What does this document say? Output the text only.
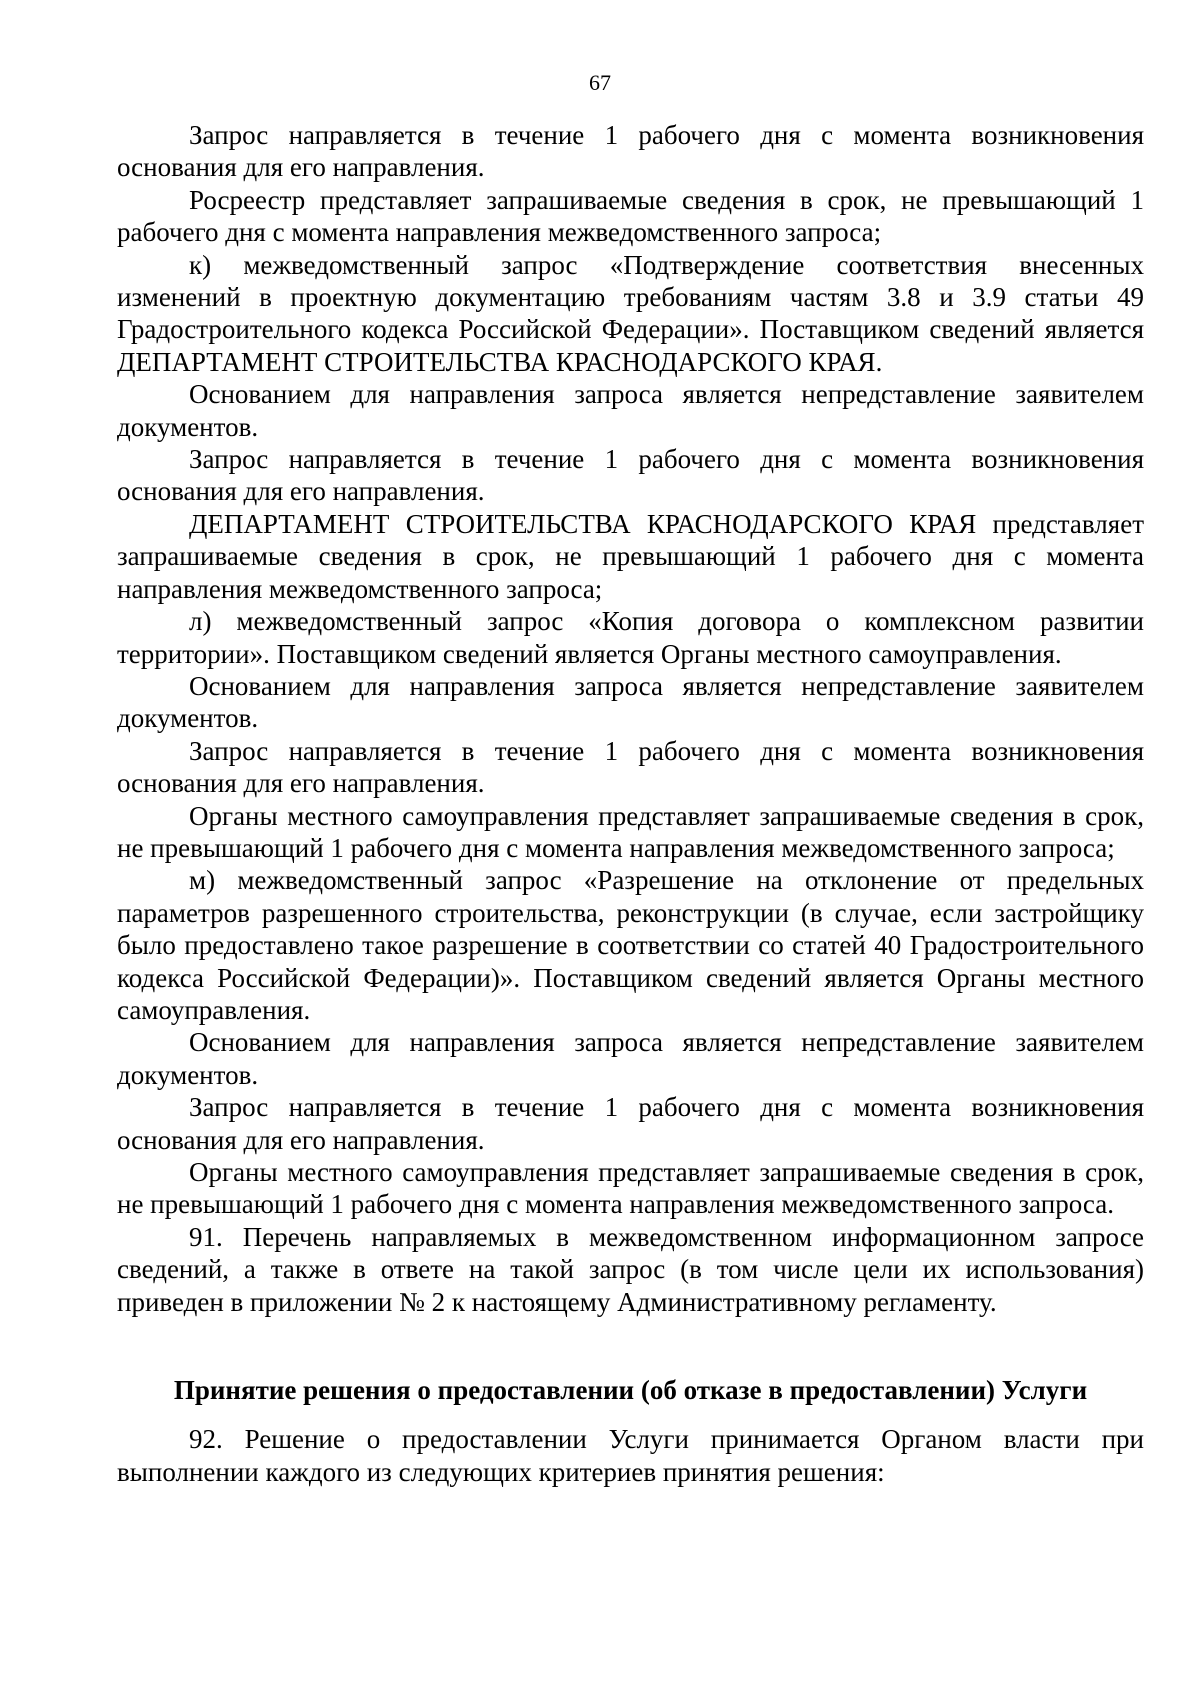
67

Запрос направляется в течение 1 рабочего дня с момента возникновения основания для его направления.

Росреестр представляет запрашиваемые сведения в срок, не превышающий 1 рабочего дня с момента направления межведомственного запроса;

к) межведомственный запрос «Подтверждение соответствия внесенных изменений в проектную документацию требованиям частям 3.8 и 3.9 статьи 49 Градостроительного кодекса Российской Федерации». Поставщиком сведений является ДЕПАРТАМЕНТ СТРОИТЕЛЬСТВА КРАСНОДАРСКОГО КРАЯ.

Основанием для направления запроса является непредставление заявителем документов.

Запрос направляется в течение 1 рабочего дня с момента возникновения основания для его направления.

ДЕПАРТАМЕНТ СТРОИТЕЛЬСТВА КРАСНОДАРСКОГО КРАЯ представляет запрашиваемые сведения в срок, не превышающий 1 рабочего дня с момента направления межведомственного запроса;

л) межведомственный запрос «Копия договора о комплексном развитии территории». Поставщиком сведений является Органы местного самоуправления.

Основанием для направления запроса является непредставление заявителем документов.

Запрос направляется в течение 1 рабочего дня с момента возникновения основания для его направления.

Органы местного самоуправления представляет запрашиваемые сведения в срок, не превышающий 1 рабочего дня с момента направления межведомственного запроса;

м) межведомственный запрос «Разрешение на отклонение от предельных параметров разрешенного строительства, реконструкции (в случае, если застройщику было предоставлено такое разрешение в соответствии со статей 40 Градостроительного кодекса Российской Федерации)». Поставщиком сведений является Органы местного самоуправления.

Основанием для направления запроса является непредставление заявителем документов.

Запрос направляется в течение 1 рабочего дня с момента возникновения основания для его направления.

Органы местного самоуправления представляет запрашиваемые сведения в срок, не превышающий 1 рабочего дня с момента направления межведомственного запроса.

91. Перечень направляемых в межведомственном информационном запросе сведений, а также в ответе на такой запрос (в том числе цели их использования) приведен в приложении № 2 к настоящему Административному регламенту.

Принятие решения о предоставлении (об отказе в предоставлении) Услуги

92. Решение о предоставлении Услуги принимается Органом власти при выполнении каждого из следующих критериев принятия решения:
